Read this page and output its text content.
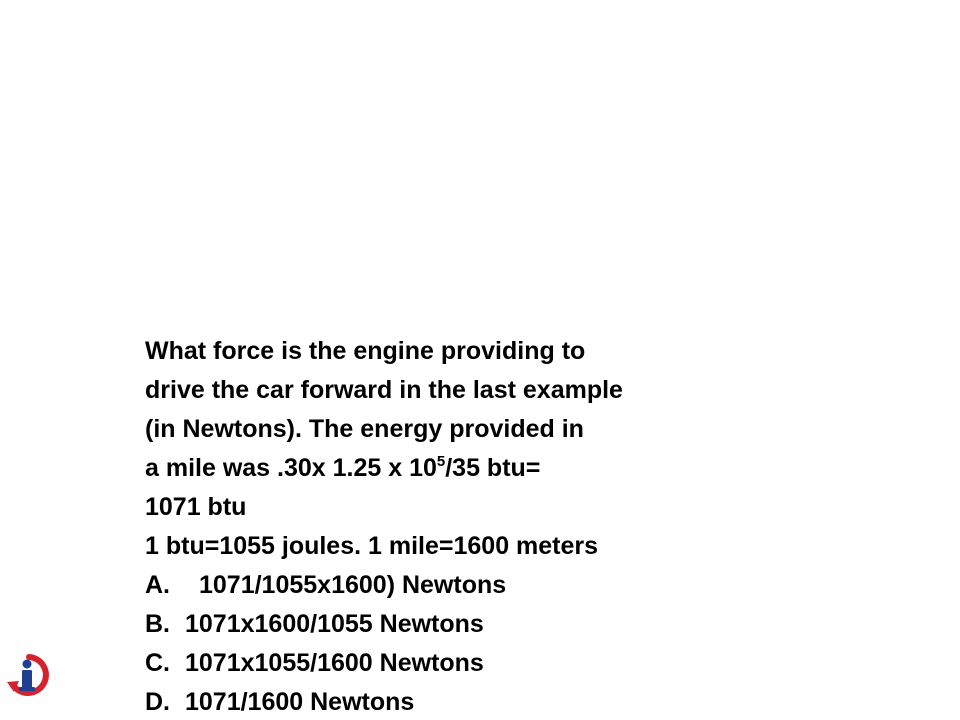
What force is the engine providing to
drive the car forward in the last example
(in Newtons). The energy provided in
a mile was .30x 1.25 x $10^5/35$ btu=
1071 btu
1 btu=1055 joules. 1 mile=1600 meters
A. 1071/1055x1600) Newtons
B. 1071x1600/1055 Newtons
C. 1071x1055/1600 Newtons
D. 1071/1600 Newtons
